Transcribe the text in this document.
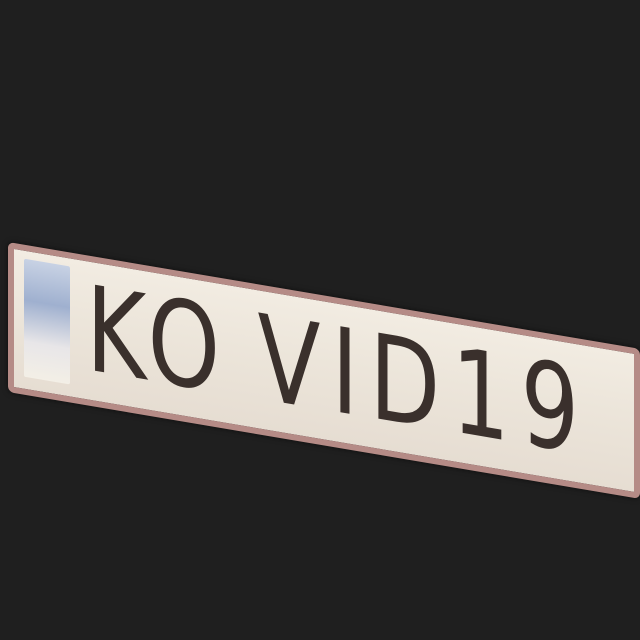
KO VID19
